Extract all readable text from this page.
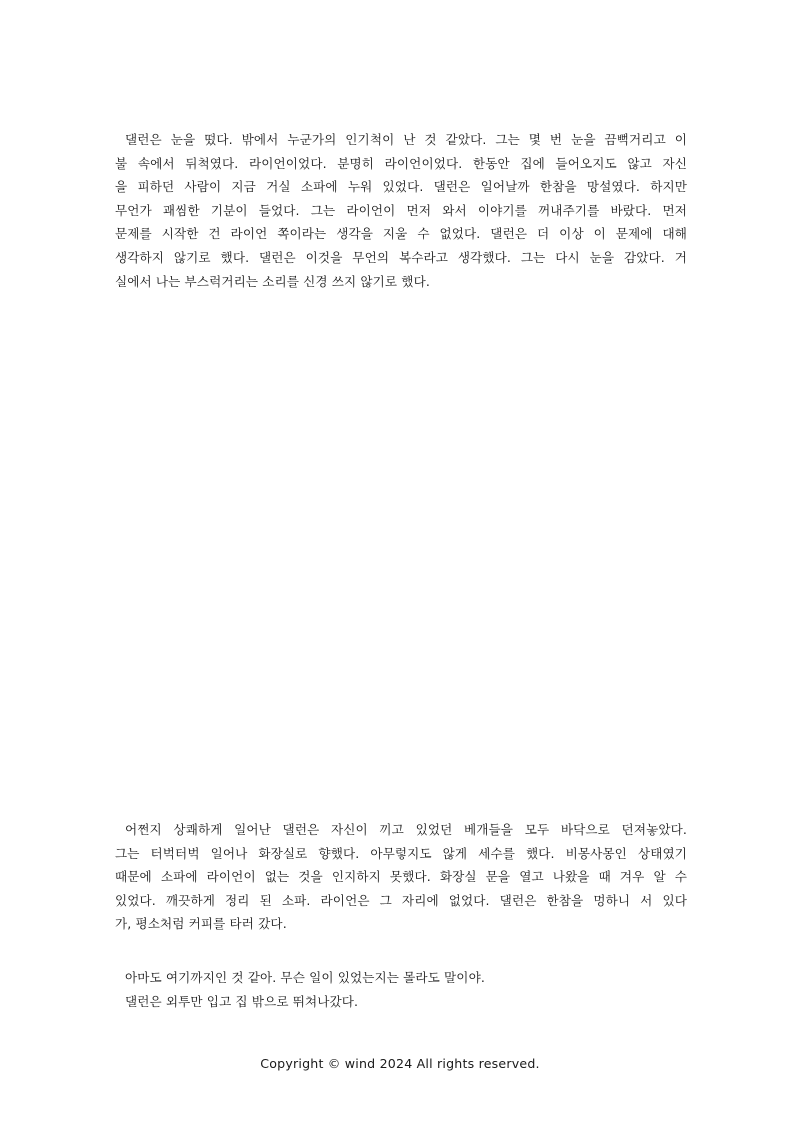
댈런은 눈을 떴다. 밖에서 누군가의 인기척이 난 것 같았다. 그는 몇 번 눈을 끔뻑거리고 이
불 속에서 뒤척였다. 라이언이었다. 분명히 라이언이었다. 한동안 집에 들어오지도 않고 자신
을 피하던 사람이 지금 거실 소파에 누워 있었다. 댈런은 일어날까 한참을 망설였다. 하지만
무언가 괘씸한 기분이 들었다. 그는 라이언이 먼저 와서 이야기를 꺼내주기를 바랐다. 먼저
문제를 시작한 건 라이언 쪽이라는 생각을 지울 수 없었다. 댈런은 더 이상 이 문제에 대해
생각하지 않기로 했다. 댈런은 이것을 무언의 복수라고 생각했다. 그는 다시 눈을 감았다. 거
실에서 나는 부스럭거리는 소리를 신경 쓰지 않기로 했다.
어쩐지 상쾌하게 일어난 댈런은 자신이 끼고 있었던 베개들을 모두 바닥으로 던져놓았다.
그는 터벅터벅 일어나 화장실로 향했다. 아무렇지도 않게 세수를 했다. 비몽사몽인 상태였기
때문에 소파에 라이언이 없는 것을 인지하지 못했다. 화장실 문을 열고 나왔을 때 겨우 알 수
있었다. 깨끗하게 정리 된 소파. 라이언은 그 자리에 없었다. 댈런은 한참을 멍하니 서 있다
가, 평소처럼 커피를 타러 갔다.
아마도 여기까지인 것 같아. 무슨 일이 있었는지는 몰라도 말이야.
댈런은 외투만 입고 집 밖으로 뛰쳐나갔다.
Copyright © wind 2024 All rights reserved.
